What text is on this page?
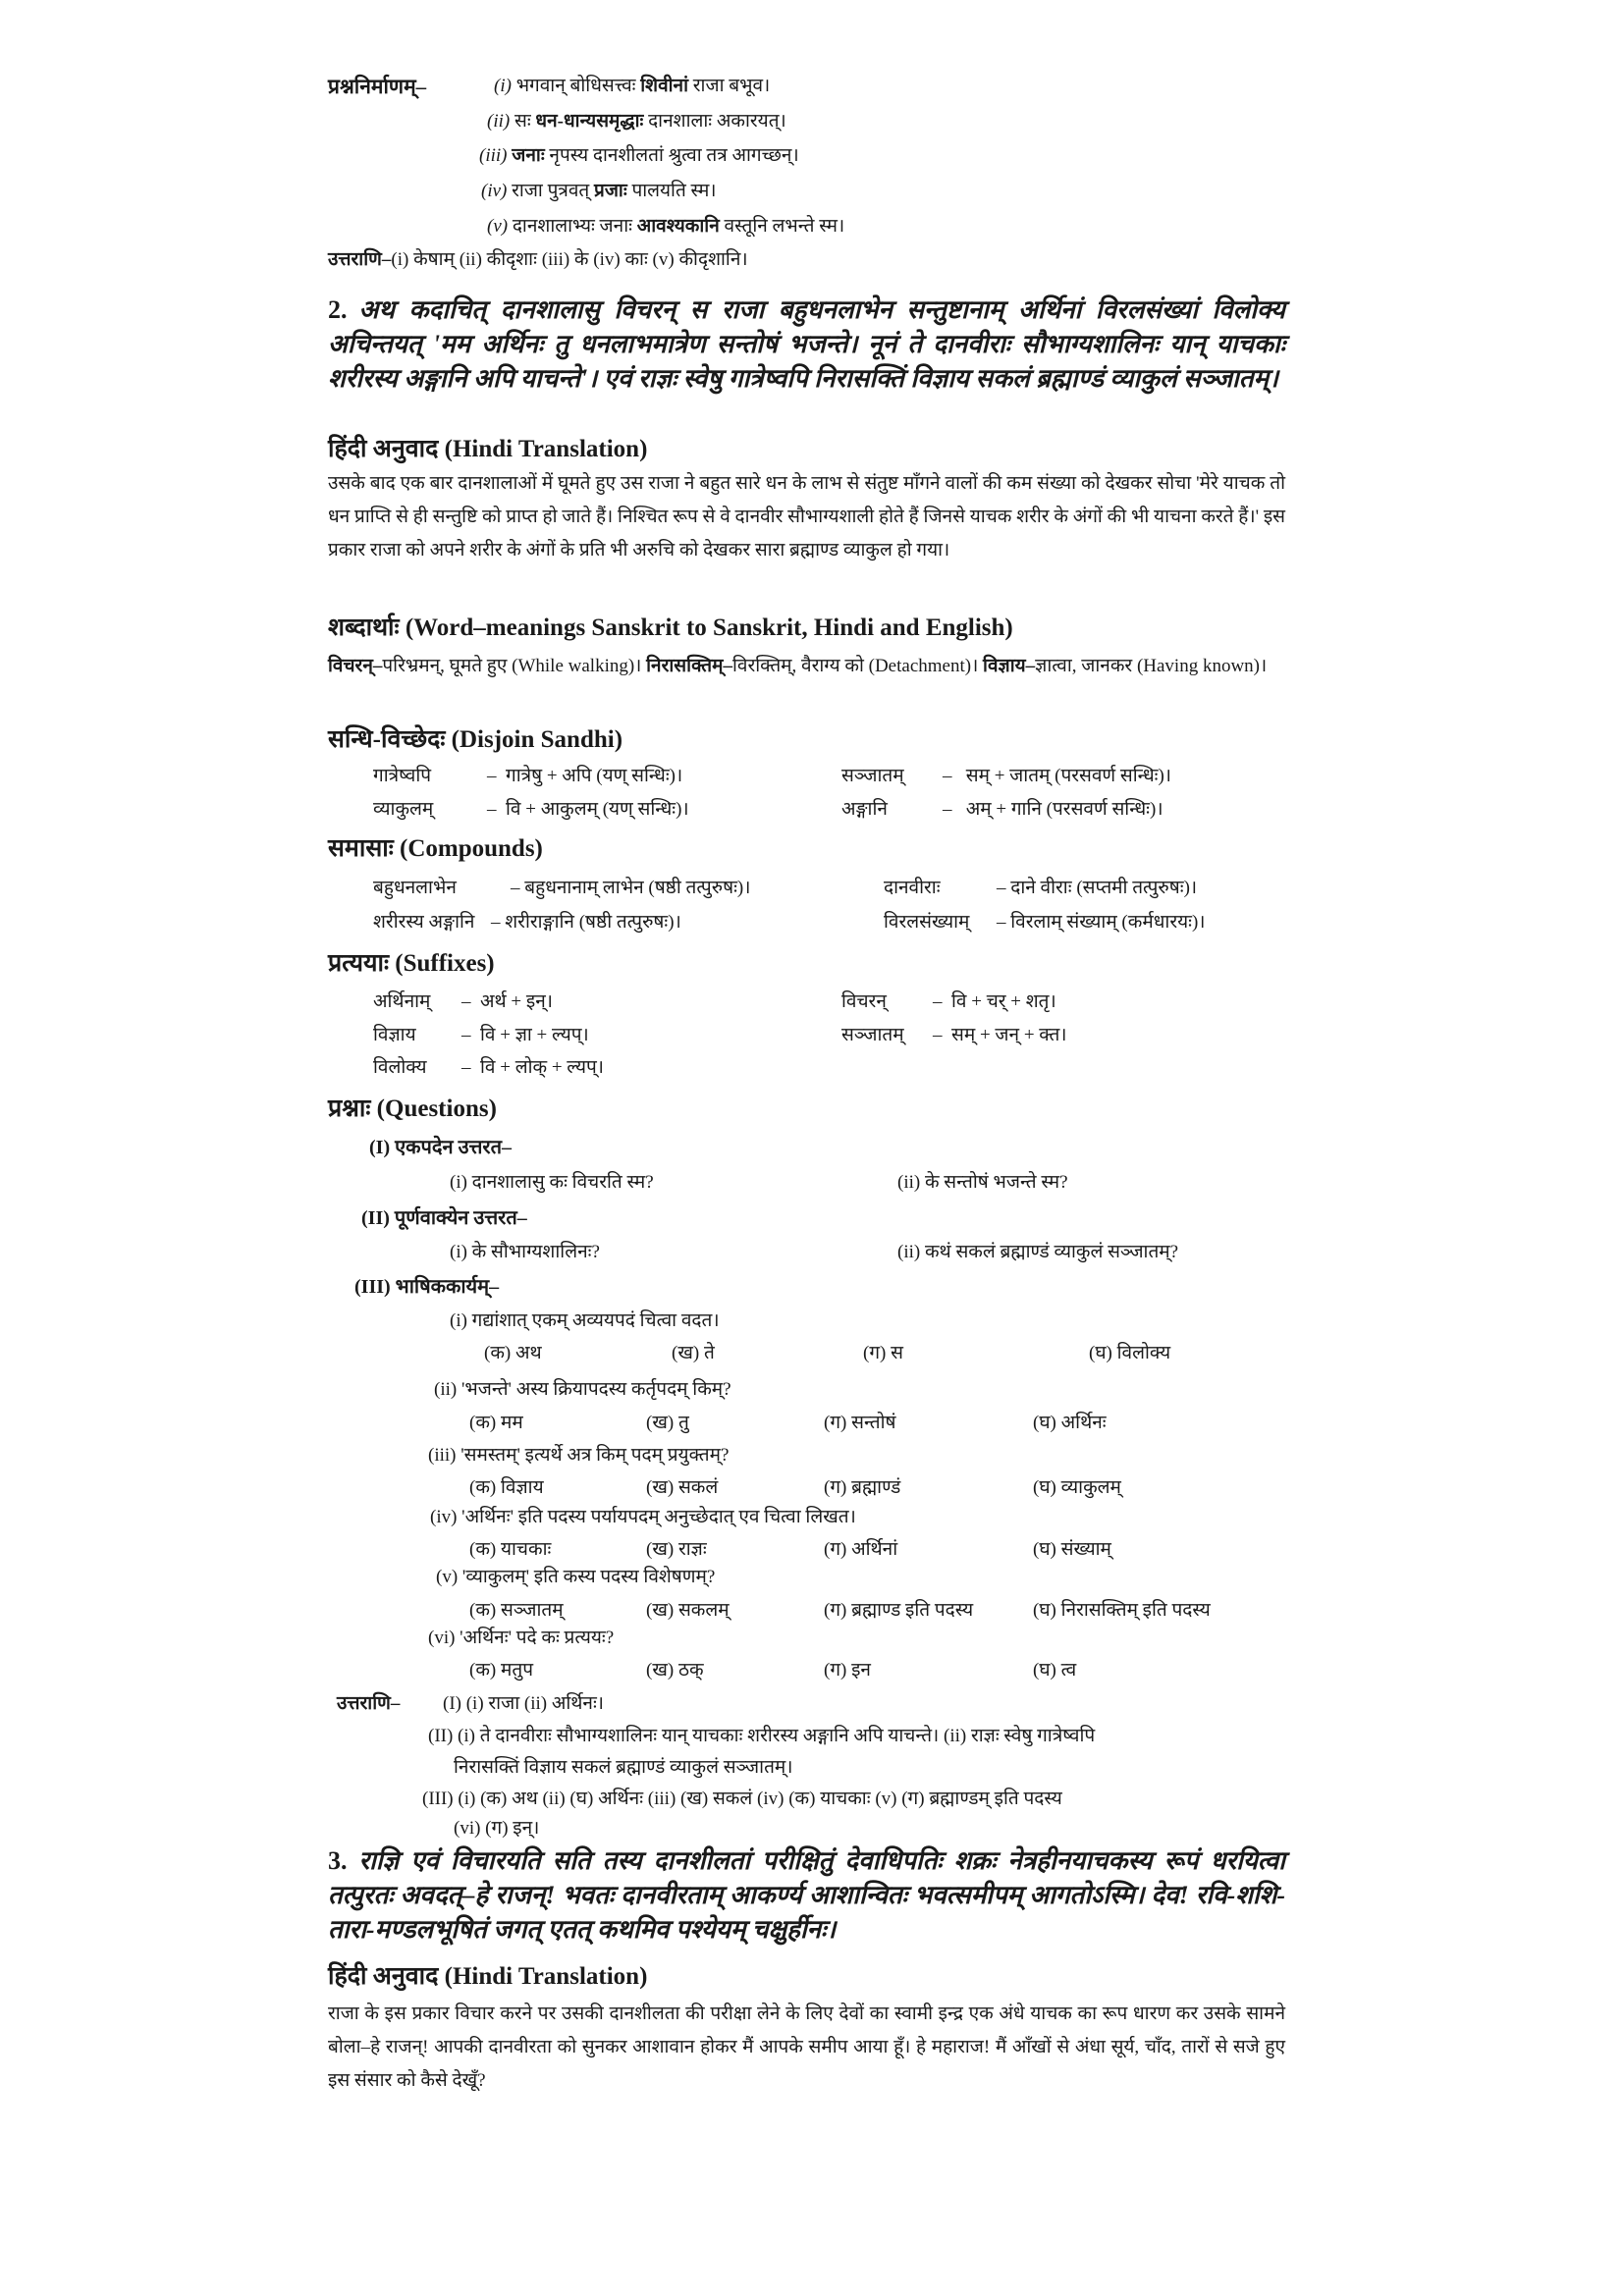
प्रश्ननिर्माणम्–	(i) भगवान् बोधिसत्त्वः शिवीनां राजा बभूव।
(ii) सः धन-धान्यसमृद्धाः दानशालाः अकारयत्।
(iii) जनाः नृपस्य दानशीलतां श्रुत्वा तत्र आगच्छन्।
(iv) राजा पुत्रवत् प्रजाः पालयति स्म।
(v) दानशालाभ्यः जनाः आवश्यकानि वस्तूनि लभन्ते स्म।
उत्तराणि–(i) केषाम् (ii) कीदृशाः (iii) के (iv) काः (v) कीदृशानि।
2. अथ कदाचित् दानशालासु विचरन् स राजा बहुधनलाभेन सन्तुष्टानाम् अर्थिनां विरलसंख्यां विलोक्य अचिन्तयत् 'मम अर्थिनः तु धनलाभमात्रेण सन्तोषं भजन्ते। नूनं ते दानवीराः सौभाग्यशालिनः यान् याचकाः शरीरस्य अङ्गानि अपि याचन्ते'। एवं राज्ञः स्वेषु गात्रेष्वपि निरासक्तिं विज्ञाय सकलं ब्रह्माण्डं व्याकुलं सञ्जातम्।
हिंदी अनुवाद (Hindi Translation)
उसके बाद एक बार दानशालाओं में घूमते हुए उस राजा ने बहुत सारे धन के लाभ से संतुष्ट माँगने वालों की कम संख्या को देखकर सोचा 'मेरे याचक तो धन प्राप्ति से ही सन्तुष्टि को प्राप्त हो जाते हैं। निश्चित रूप से वे दानवीर सौभाग्यशाली होते हैं जिनसे याचक शरीर के अंगों की भी याचना करते हैं।' इस प्रकार राजा को अपने शरीर के अंगों के प्रति भी अरुचि को देखकर सारा ब्रह्माण्ड व्याकुल हो गया।
शब्दार्थाः (Word–meanings Sanskrit to Sanskrit, Hindi and English)
विचरन्–परिभ्रमन्, घूमते हुए (While walking)। निरासक्तिम्–विरक्तिम्, वैराग्य को (Detachment)। विज्ञाय–ज्ञात्वा, जानकर (Having known)।
सन्धि-विच्छेदः (Disjoin Sandhi)
गात्रेष्वपि	–  गात्रेषु + अपि (यण् सन्धिः)।	सञ्जातम् –   सम् + जातम् (परसवर्ण सन्धिः)।
व्याकुलम्	–  वि + आकुलम् (यण् सन्धिः)।	अङ्गानि	–   अम् + गानि (परसवर्ण सन्धिः)।
समासाः (Compounds)
बहुधनलाभेन	– बहुधनानाम् लाभेन (षष्ठी तत्पुरुषः)।	दानवीराः	– दाने वीराः (सप्तमी तत्पुरुषः)।
शरीरस्य अङ्गानि – शरीराङ्गानि (षष्ठी तत्पुरुषः)।	विरलसंख्याम् – विरलाम् संख्याम् (कर्मधारयः)।
प्रत्ययाः (Suffixes)
अर्थिनाम् –  अर्थ + इन्।	विचरन् –  वि + चर् + शतृ।
विज्ञाय –  वि + ज्ञा + ल्यप्।	सञ्जातम् –  सम् + जन् + क्त।
विलोक्य –  वि + लोक् + ल्यप्।
प्रश्नाः (Questions)
(I) एकपदेन उत्तरत–
(i) दानशालासु कः विचरति स्म?	(ii) के सन्तोषं भजन्ते स्म?
(II) पूर्णवाक्येन उत्तरत–
(i) के सौभाग्यशालिनः?	(ii) कथं सकलं ब्रह्माण्डं व्याकुलं सञ्जातम्?
(III) भाषिककार्यम्–
(i) गद्यांशात् एकम् अव्ययपदं चित्वा वदत।
(क) अथ	(ख) ते	(ग) स	(घ) विलोक्य
(ii) 'भजन्ते' अस्य क्रियापदस्य कर्तृपदम् किम्?
(क) मम	(ख) तु	(ग) सन्तोषं	(घ) अर्थिनः
(iii) 'समस्तम्' इत्यर्थे अत्र किम् पदम् प्रयुक्तम्?
(क) विज्ञाय	(ख) सकलं	(ग) ब्रह्माण्डं	(घ) व्याकुलम्
(iv) 'अर्थिनः' इति पदस्य पर्यायपदम् अनुच्छेदात् एव चित्वा लिखत।
(क) याचकाः	(ख) राज्ञः	(ग) अर्थिनां	(घ) संख्याम्
(v) 'व्याकुलम्' इति कस्य पदस्य विशेषणम्?
(क) सञ्जातम्	(ख) सकलम्	(ग) ब्रह्माण्ड इति पदस्य	(घ) निरासक्तिम् इति पदस्य
(vi) 'अर्थिनः' पदे कः प्रत्ययः?
(क) मतुप	(ख) ठक्	(ग) इन	(घ) त्व
उत्तराणि– (I) (i) राजा (ii) अर्थिनः।
(II) (i) ते दानवीराः सौभाग्यशालिनः यान् याचकाः शरीरस्य अङ्गानि अपि याचन्ते। (ii) राज्ञः स्वेषु गात्रेष्वपि
निरासक्तिं विज्ञाय सकलं ब्रह्माण्डं व्याकुलं सञ्जातम्।
(III) (i) (क) अथ (ii) (घ) अर्थिनः (iii) (ख) सकलं (iv) (क) याचकाः (v) (ग) ब्रह्माण्डम् इति पदस्य
(vi) (ग) इन्।
3. राज्ञि एवं विचारयति सति तस्य दानशीलतां परीक्षितुं देवाधिपतिः शक्रः नेत्रहीनयाचकस्य रूपं धरयित्वा तत्पुरतः अवदत्–हे राजन्! भवतः दानवीरताम् आकर्ण्य आशान्वितः भवत्समीपम् आगतोऽस्मि। देव! रवि-शशि-तारा-मण्डलभूषितं जगत् एतत् कथमिव पश्येयम् चक्षुर्हीनः।
हिंदी अनुवाद (Hindi Translation)
राजा के इस प्रकार विचार करने पर उसकी दानशीलता की परीक्षा लेने के लिए देवों का स्वामी इन्द्र एक अंधे याचक का रूप धारण कर उसके सामने बोला–हे राजन्! आपकी दानवीरता को सुनकर आशावान होकर मैं आपके समीप आया हूँ। हे महाराज! मैं आँखों से अंधा सूर्य, चाँद, तारों से सजे हुए इस संसार को कैसे देखूँ?
